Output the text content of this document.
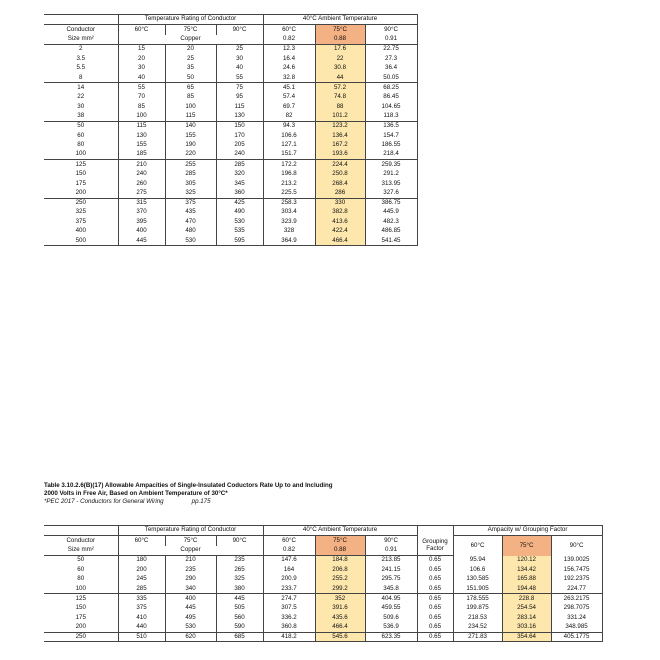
	Temperature Rating of Conductor			40°C Ambient Temperature		
Conductor	60°C	75°C	90°C	60°C	75°C	90°C
Size mm²	Copper			0.82	0.88	0.91
2	15	20	25	12.3	17.6	22.75
3.5	20	25	30	16.4	22	27.3
5.5	30	35	40	24.6	30.8	36.4
8	40	50	55	32.8	44	50.05
14	55	65	75	45.1	57.2	68.25
22	70	85	95	57.4	74.8	86.45
30	85	100	115	69.7	88	104.65
38	100	115	130	82	101.2	118.3
50	115	140	150	94.3	123.2	136.5
60	130	155	170	106.6	136.4	154.7
80	155	190	205	127.1	167.2	186.55
100	185	220	240	151.7	193.6	218.4
125	210	255	285	172.2	224.4	259.35
150	240	285	320	196.8	250.8	291.2
175	260	305	345	213.2	268.4	313.95
200	275	325	360	225.5	286	327.6
250	315	375	425	258.3	330	386.75
325	370	435	490	303.4	382.8	445.9
375	395	470	530	323.9	413.6	482.3
400	400	480	535	328	422.4	486.85
500	445	530	595	364.9	466.4	541.45
Table 3.10.2.6(B)(17) Allowable Ampacities of Single-Insulated Coductors Rate Up to and Including
2000 Volts in Free Air, Based on Ambient Temperature of 30°C*
*PEC 2017 - Conductors for General Wiring	pp.175
	Temperature Rating of Conductor			40°C Ambient Temperature			Grouping	Ampacity w/ Grouping Factor		
Conductor	60°C	75°C	90°C	60°C	75°C	90°C		60°C	75°C	90°C
Size mm²	Copper			0.82	0.88	0.91	Factor			
50	180	210	235	147.6	184.8	213.85	0.65	95.94	120.12	139.0025
60	200	235	265	164	206.8	241.15	0.65	106.6	134.42	156.7475
80	245	290	325	200.9	255.2	295.75	0.65	130.585	165.88	192.2375
100	285	340	380	233.7	299.2	345.8	0.65	151.905	194.48	224.77
125	335	400	445	274.7	352	404.95	0.65	178.555	228.8	263.2175
150	375	445	505	307.5	391.6	459.55	0.65	199.875	254.54	298.7075
175	410	495	560	336.2	435.6	509.6	0.65	218.53	283.14	331.24
200	440	530	590	360.8	466.4	536.9	0.65	234.52	303.16	348.985
250	510	620	685	418.2	545.6	623.35	0.65	271.83	354.64	405.1775
